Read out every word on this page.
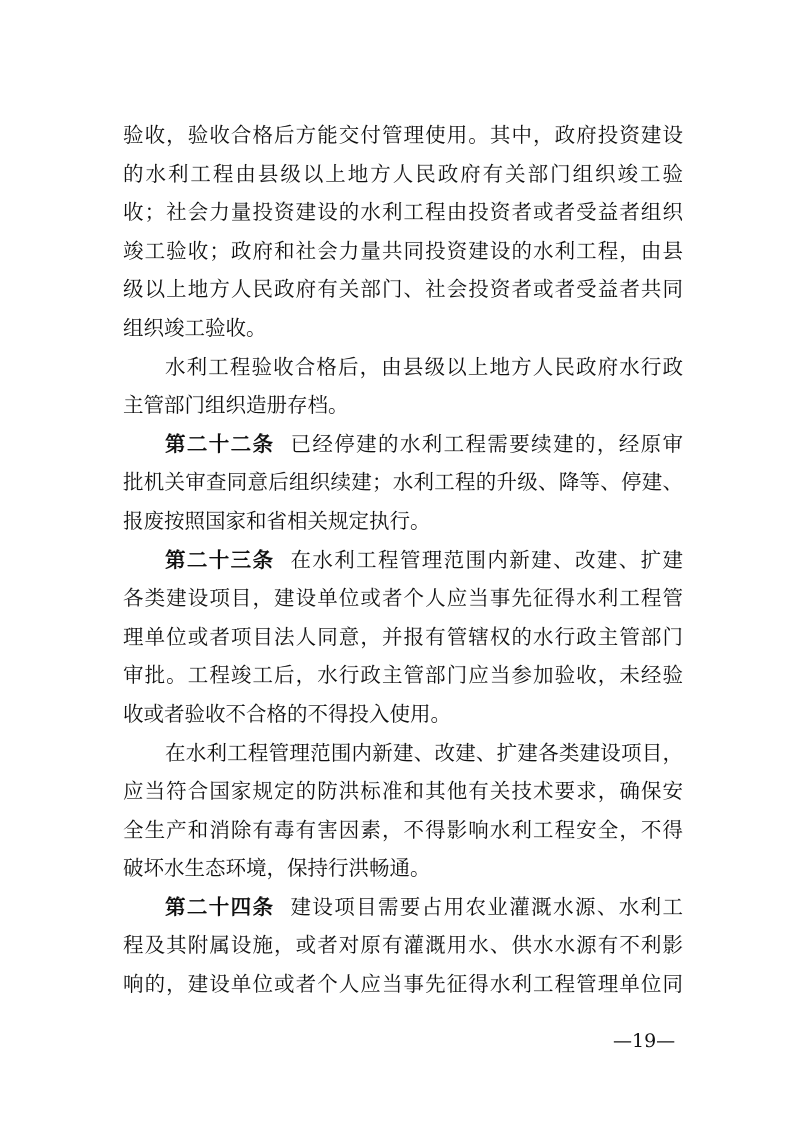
验收，验收合格后方能交付管理使用。其中，政府投资建设
的水利工程由县级以上地方人民政府有关部门组织竣工验
收；社会力量投资建设的水利工程由投资者或者受益者组织
竣工验收；政府和社会力量共同投资建设的水利工程，由县
级以上地方人民政府有关部门、社会投资者或者受益者共同
组织竣工验收。
水利工程验收合格后，由县级以上地方人民政府水行政
主管部门组织造册存档。
第二十二条 已经停建的水利工程需要续建的，经原审
批机关审查同意后组织续建；水利工程的升级、降等、停建、
报废按照国家和省相关规定执行。
第二十三条 在水利工程管理范围内新建、改建、扩建
各类建设项目，建设单位或者个人应当事先征得水利工程管
理单位或者项目法人同意，并报有管辖权的水行政主管部门
审批。工程竣工后，水行政主管部门应当参加验收，未经验
收或者验收不合格的不得投入使用。
在水利工程管理范围内新建、改建、扩建各类建设项目，
应当符合国家规定的防洪标准和其他有关技术要求，确保安
全生产和消除有毒有害因素，不得影响水利工程安全，不得
破坏水生态环境，保持行洪畅通。
第二十四条 建设项目需要占用农业灌溉水源、水利工
程及其附属设施，或者对原有灌溉用水、供水水源有不利影
响的，建设单位或者个人应当事先征得水利工程管理单位同
—19—
